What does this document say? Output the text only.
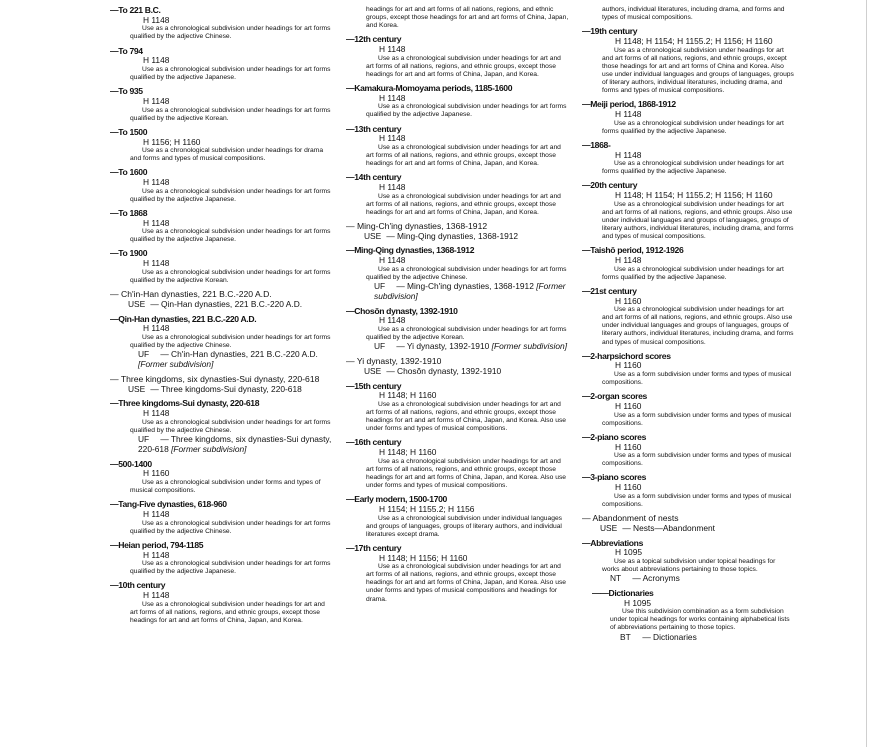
—To 221 B.C.
H 1148
Use as a chronological subdivision under headings for art forms qualified by the adjective Chinese.
—To 794
H 1148
Use as a chronological subdivision under headings for art forms qualified by the adjective Japanese.
—To 935
H 1148
Use as a chronological subdivision under headings for art forms qualified by the adjective Korean.
—To 1500
H 1156; H 1160
Use as a chronological subdivision under headings for drama and forms and types of musical compositions.
—To 1600
H 1148
Use as a chronological subdivision under headings for art forms qualified by the adjective Japanese.
—To 1868
H 1148
Use as a chronological subdivision under headings for art forms qualified by the adjective Japanese.
—To 1900
H 1148
Use as a chronological subdivision under headings for art forms qualified by the adjective Korean.
— Ch'in-Han dynasties, 221 B.C.-220 A.D.
USE — Qin-Han dynasties, 221 B.C.-220 A.D.
—Qin-Han dynasties, 221 B.C.-220 A.D.
H 1148
Use as a chronological subdivision under headings for art forms qualified by the adjective Chinese.
UF — Ch'in-Han dynasties, 221 B.C.-220 A.D. [Former subdivision]
— Three kingdoms, six dynasties-Sui dynasty, 220-618
USE — Three kingdoms-Sui dynasty, 220-618
—Three kingdoms-Sui dynasty, 220-618
H 1148
Use as a chronological subdivision under headings for art forms qualified by the adjective Chinese.
UF — Three kingdoms, six dynasties-Sui dynasty, 220-618 [Former subdivision]
—500-1400
H 1160
Use as a chronological subdivision under forms and types of musical compositions.
—Tang-Five dynasties, 618-960
H 1148
Use as a chronological subdivision under headings for art forms qualified by the adjective Chinese.
—Heian period, 794-1185
H 1148
Use as a chronological subdivision under headings for art forms qualified by the adjective Japanese.
—10th century
H 1148
Use as a chronological subdivision under headings for art and art forms of all nations, regions, and ethnic groups, except those headings for art and art forms of China, Japan, and Korea.
headings for art and art forms of all nations, regions, and ethnic groups, except those headings for art and art forms of China, Japan, and Korea.
—12th century
H 1148
Use as a chronological subdivision under headings for art and art forms of all nations, regions, and ethnic groups, except those headings for art and art forms of China, Japan, and Korea.
—Kamakura-Momoyama periods, 1185-1600
H 1148
Use as a chronological subdivision under headings for art forms qualified by the adjective Japanese.
—13th century
H 1148
Use as a chronological subdivision under headings for art and art forms of all nations, regions, and ethnic groups, except those headings for art and art forms of China, Japan, and Korea.
—14th century
H 1148
Use as a chronological subdivision under headings for art and art forms of all nations, regions, and ethnic groups, except those headings for art and art forms of China, Japan, and Korea.
— Ming-Ch'ing dynasties, 1368-1912
USE — Ming-Qing dynasties, 1368-1912
—Ming-Qing dynasties, 1368-1912
H 1148
Use as a chronological subdivision under headings for art forms qualified by the adjective Chinese.
UF — Ming-Ch'ing dynasties, 1368-1912 [Former subdivision]
—Chosŏn dynasty, 1392-1910
H 1148
Use as a chronological subdivision under headings for art forms qualified by the adjective Korean.
UF — Yi dynasty, 1392-1910 [Former subdivision]
— Yi dynasty, 1392-1910
USE — Chosŏn dynasty, 1392-1910
—15th century
H 1148; H 1160
Use as a chronological subdivision under headings for art and art forms of all nations, regions, and ethnic groups, except those headings for art and art forms of China, Japan, and Korea. Also use under forms and types of musical compositions.
—16th century
H 1148; H 1160
Use as a chronological subdivision under headings for art and art forms of all nations, regions, and ethnic groups, except those headings for art and art forms of China, Japan, and Korea. Also use under forms and types of musical compositions.
—Early modern, 1500-1700
H 1154; H 1155.2; H 1156
Use as a chronological subdivision under individual languages and groups of languages, groups of literary authors, and individual literatures except drama.
—17th century
H 1148; H 1156; H 1160
Use as a chronological subdivision under headings for art and art forms of all nations, regions, and ethnic groups, except those headings for art and art forms of China, Japan, and Korea. Also use under forms and types of musical compositions and headings for drama.
authors, individual literatures, including drama, and forms and types of musical compositions.
—19th century
H 1148; H 1154; H 1155.2; H 1156; H 1160
Use as a chronological subdivision under headings for art and art forms of all nations, regions, and ethnic groups, except those headings for art and art forms of China and Korea. Also use under individual languages and groups of languages, groups of literary authors, individual literatures, including drama, and forms and types of musical compositions.
—Meiji period, 1868-1912
H 1148
Use as a chronological subdivision under headings for art forms qualified by the adjective Japanese.
—1868-
H 1148
Use as a chronological subdivision under headings for art forms qualified by the adjective Japanese.
—20th century
H 1148; H 1154; H 1155.2; H 1156; H 1160
Use as a chronological subdivision under headings for art and art forms of all nations, regions, and ethnic groups. Also use under individual languages and groups of languages, groups of literary authors, individual literatures, including drama, and forms and types of musical compositions.
—Taishō period, 1912-1926
H 1148
Use as a chronological subdivision under headings for art forms qualified by the adjective Japanese.
—21st century
H 1160
Use as a chronological subdivision under headings for art and art forms of all nations, regions, and ethnic groups. Also use under individual languages and groups of languages, groups of literary authors, individual literatures, including drama, and forms and types of musical compositions.
—2-harpsichord scores
H 1160
Use as a form subdivision under forms and types of musical compositions.
—2-organ scores
H 1160
Use as a form subdivision under forms and types of musical compositions.
—2-piano scores
H 1160
Use as a form subdivision under forms and types of musical compositions.
—3-piano scores
H 1160
Use as a form subdivision under forms and types of musical compositions.
— Abandonment of nests
USE — Nests—Abandonment
—Abbreviations
H 1095
Use as a topical subdivision under topical headings for works about abbreviations pertaining to those topics.
NT — Acronyms
——Dictionaries
H 1095
Use this subdivision combination as a form subdivision under topical headings for works containing alphabetical lists of abbreviations pertaining to those topics.
BT — Dictionaries
